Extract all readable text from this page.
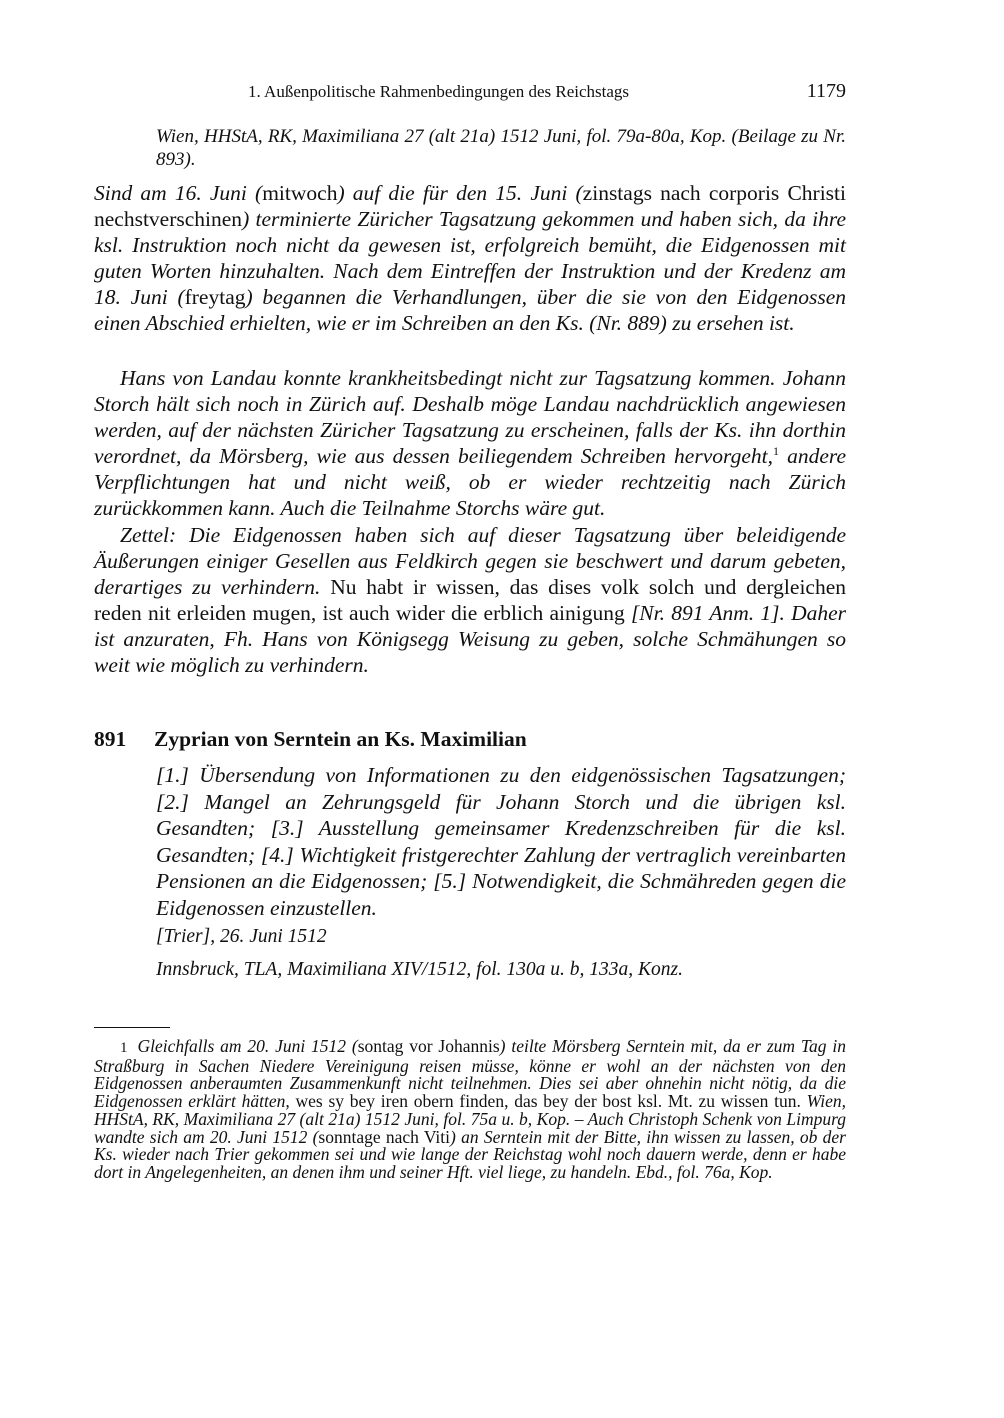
1. Außenpolitische Rahmenbedingungen des Reichstags	1179

Wien, HHStA, RK, Maximiliana 27 (alt 21a) 1512 Juni, fol. 79a-80a, Kop. (Beilage zu Nr. 893).

Sind am 16. Juni (mitwoch) auf die für den 15. Juni (zinstags nach corporis Christi nechstverschinen) terminierte Züricher Tagsatzung gekommen und haben sich, da ihre ksl. Instruktion noch nicht da gewesen ist, erfolgreich bemüht, die Eidgenossen mit guten Worten hinzuhalten. Nach dem Eintreffen der Instruktion und der Kredenz am 18. Juni (freytag) begannen die Verhandlungen, über die sie von den Eidgenossen einen Abschied erhielten, wie er im Schreiben an den Ks. (Nr. 889) zu ersehen ist.

Hans von Landau konnte krankheitsbedingt nicht zur Tagsatzung kommen. Johann Storch hält sich noch in Zürich auf. Deshalb möge Landau nachdrücklich angewiesen werden, auf der nächsten Züricher Tagsatzung zu erscheinen, falls der Ks. ihn dorthin verordnet, da Mörsberg, wie aus dessen beiliegendem Schreiben hervorgeht,$^1$ andere Verpflichtungen hat und nicht weiß, ob er wieder rechtzeitig nach Zürich zurückkommen kann. Auch die Teilnahme Storchs wäre gut.

Zettel: Die Eidgenossen haben sich auf dieser Tagsatzung über beleidigende Äußerungen einiger Gesellen aus Feldkirch gegen sie beschwert und darum gebeten, derartiges zu verhindern. Nu habt ir wissen, das dises volk solch und dergleichen reden nit erleiden mugen, ist auch wider die erblich ainigung [Nr. 891 Anm. 1]. Daher ist anzuraten, Fh. Hans von Königsegg Weisung zu geben, solche Schmähungen so weit wie möglich zu verhindern.

891 Zyprian von Serntein an Ks. Maximilian

[1.] Übersendung von Informationen zu den eidgenössischen Tagsatzungen; [2.] Mangel an Zehrungsgeld für Johann Storch und die übrigen ksl. Gesandten; [3.] Ausstellung gemeinsamer Kredenzschreiben für die ksl. Gesandten; [4.] Wichtigkeit fristgerechter Zahlung der vertraglich vereinbarten Pensionen an die Eidgenossen; [5.] Notwendigkeit, die Schmähreden gegen die Eidgenossen einzustellen.

[Trier], 26. Juni 1512

Innsbruck, TLA, Maximiliana XIV/1512, fol. 130a u. b, 133a, Konz.

1 Gleichfalls am 20. Juni 1512 (sontag vor Johannis) teilte Mörsberg Serntein mit, da er zum Tag in Straßburg in Sachen Niedere Vereinigung reisen müsse, könne er wohl an der nächsten von den Eidgenossen anberaumten Zusammenkunft nicht teilnehmen. Dies sei aber ohnehin nicht nötig, da die Eidgenossen erklärt hätten, wes sy bey iren obern finden, das bey der bost ksl. Mt. zu wissen tun. Wien, HHStA, RK, Maximiliana 27 (alt 21a) 1512 Juni, fol. 75a u. b, Kop. – Auch Christoph Schenk von Limpurg wandte sich am 20. Juni 1512 (sonntage nach Viti) an Serntein mit der Bitte, ihn wissen zu lassen, ob der Ks. wieder nach Trier gekommen sei und wie lange der Reichstag wohl noch dauern werde, denn er habe dort in Angelegenheiten, an denen ihm und seiner Hft. viel liege, zu handeln. Ebd., fol. 76a, Kop.
